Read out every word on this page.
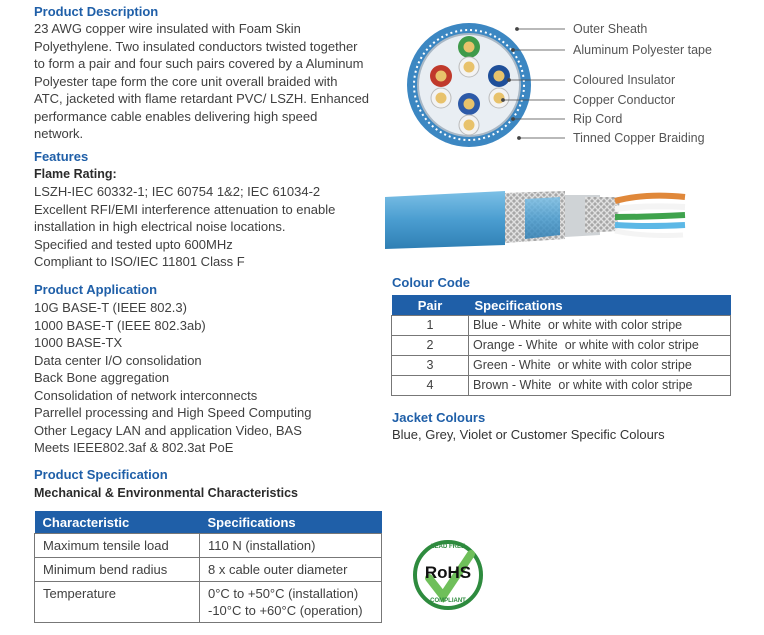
Product Description
23 AWG copper wire insulated with Foam Skin
Polyethylene. Two insulated conductors twisted together
to form a pair and four such pairs covered by a Aluminum
Polyester tape form the core unit overall braided with
ATC, jacketed with flame retardant PVC/ LSZH. Enhanced
performance cable enables delivering high speed
network.
Features
Flame Rating:
LSZH-IEC 60332-1; IEC 60754 1&2; IEC 61034-2
Excellent RFI/EMI interference attenuation to enable
installation in high electrical noise locations.
Specified and tested upto 600MHz
Compliant to ISO/IEC 11801 Class F
Product Application
10G BASE-T (IEEE 802.3)
1000 BASE-T (IEEE 802.3ab)
1000 BASE-TX
Data center I/O consolidation
Back Bone aggregation
Consolidation of network interconnects
Parrellel processing and High Speed Computing
Other Legacy LAN and application Video, BAS
Meets IEEE802.3af & 802.3at PoE
Product Specification
Mechanical & Environmental Characteristics
Characteristic	Specifications
Maximum tensile load	110 N (installation)

Minimum bend radius	8 x cable outer diameter

Temperature	0°C to +50°C (installation)
-10°C to +60°C (operation)
Outer Sheath
Aluminum Polyester tape
Coloured Insulator
Copper Conductor
Rip Cord
Tinned Copper Braiding
Colour Code
Pair	Specifications
1	Blue - White  or white with color stripe
2	Orange - White  or white with color stripe
3	Green - White  or white with color stripe
4	Brown - White  or white with color stripe
Jacket Colours
Blue, Grey, Violet or Customer Specific Colours
RoHS
LEAD FREE
COMPLIANT
